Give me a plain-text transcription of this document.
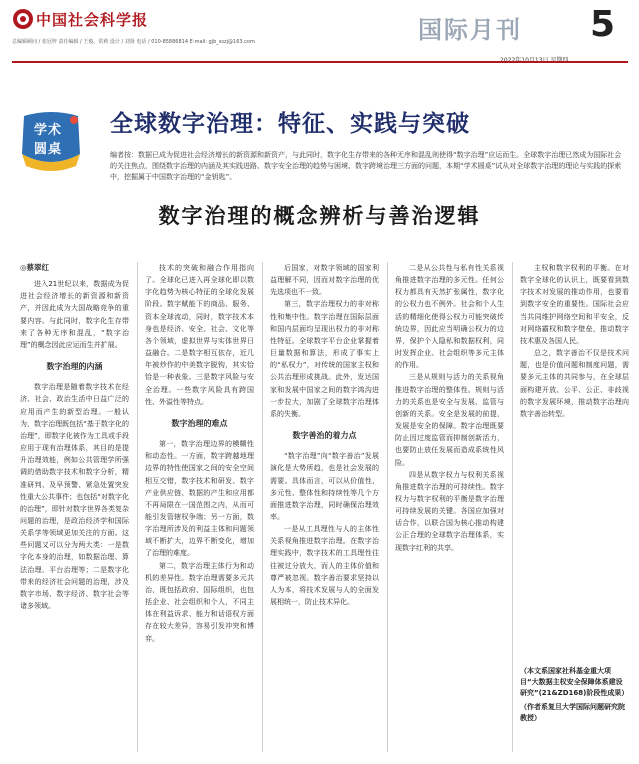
中国社会科学报
总编辑顾问 / 张冠梓 责任编辑 / 王俊、常莉 设计 / 刘贤 电话 / 010-85886814 E-mail: gjb_sszj@163.com	国际月刊 5
学术
圆桌
全球数字治理：特征、实践与突破
编者按：数据已成为促进社会经济增长的新资源和新资产，与此同时，数字化生存带来的各种无序和混乱则使得“数字治理”应运而生。全球数字治理已然成为国际社会的关注焦点，围绕数字治理的内涵及其实践进路、数字安全治理的趋势与困境、数字跨境治理三方面的问题，本期“学术圆桌”试从对全球数字治理的理论与实践的探索中，挖掘属于中国数字治理的“金钥匙”。
数字治理的概念辨析与善治逻辑
◎蔡翠红

进入21世纪以来，数据成为促进社会经济增长的新资源和新资产，并因此成为大国战略竞争的重要内容。与此同时，数字化生存带来了各种无序和混乱，“数字治理”的概念因此应运而生并扩展。

数字治理的内涵

数字治理是随着数字技术在经济、社会、政治生活中日益广泛的应用而产生的新型治理。一般认为，数字治理既包括“基于数字化的治理”，即数字化被作为工具或手段应用于现有治理体系，其目的是提升治理效能，例如公共管理学所强调的借助数字技术和数字分析，精准研判、及早预警、紧急处置突发性重大公共事件；也包括“对数字化的治理”，即针对数字世界各类复杂问题的治理，是政治经济学和国际关系学等领域更加关注的方面。这些问题又可以分为两大类：一是数字化本身的治理，如数据治理、算法治理、平台治理等；二是数字化带来的经济社会问题的治理，涉及数字市场、数字经济、数字社会等诸多领域。

技术的突破和融合作用指向了。全球化已进入再全球化即以数字化趋势为核心特征的全球化发展阶段。数字赋能下的商品、服务、资本全球流动，同时，数字技术本身也是经济、安全、社会、文化等各个领域，虚拟世界与实体世界日益融合。二是数字相互依存，近几年被炒作的中美数字脱钩，其实恰恰是一种表象。三是数字风险与安全治理。一些数字风险具有跨国性、外溢性等特点。

数字治理的难点

第一，数字治理边界的模糊性和动态性。一方面，数字跨越地理边界的特性使国家之间的安全空间相互交错，数字技术和研发、数字产业供应链、数据的产生和应用都不再局限在一国范围之内，从而可能引发管辖权争端；另一方面，数字治理所涉及的利益主体和问题领域不断扩大，边界不断变化，增加了治理的难度。

第二，数字治理主体行为和动机的差异性。数字治理需要多元共治，既包括政府、国际组织，也包括企业、社会组织和个人，不同主体在利益诉求、能力和话语权方面存在较大差异，容易引发冲突和博弈。

后国家，对数字领域的国家利益理解不同，因而对数字治理的优先选项也不一致。

第三，数字治理权力的非对称性和集中性。数字治理在国际层面和国内层面均呈现出权力的非对称性特征。全球数字平台企业掌握着巨量数据和算法，形成了事实上的“私权力”，对传统的国家主权和公共治理形成挑战。此外，发达国家和发展中国家之间的数字鸿沟进一步拉大，加剧了全球数字治理体系的失衡。

数字善治的着力点

“数字治理”向“数字善治”发展演化是大势所趋，也是社会发展的需要。具体而言，可以从价值性、多元性、整体性和持续性等几个方面推进数字治理，同时确保治理效率。

一是从工具理性与人的主体性关系视角推进数字治理。在数字治理实践中，数字技术的工具理性往往被过分放大，而人的主体价值和尊严被忽视。数字善治要求坚持以人为本，将技术发展与人的全面发展相统一，防止技术异化。

二是从公共性与私有性关系视角推进数字治理的多元性。任何公权力都具有天然扩张属性，数字化的公权力也不例外。社会和个人生活的精细化使得公权力可能突破传统边界，因此应当明确公权力的边界，保护个人隐私和数据权利，同时发挥企业、社会组织等多元主体的作用。

三是从规则与活力的关系视角推进数字治理的整体性。规则与活力的关系也是安全与发展、监管与创新的关系。安全是发展的前提，发展是安全的保障。数字治理既要防止因过度监管而抑制创新活力，也要防止放任发展而造成系统性风险。

四是从数字权力与权利关系视角推进数字治理的可持续性。数字权力与数字权利的平衡是数字治理可持续发展的关键。各国应加强对话合作，以联合国为核心推动构建公正合理的全球数字治理体系，实现数字红利的共享。

主权和数字权利的平衡。在对数字全球化的认识上，既要看到数字技术对发展的推动作用，也要看到数字安全的重要性。国际社会应当共同维护网络空间和平安全，反对网络霸权和数字壁垒，推动数字技术惠及各国人民。

总之，数字善治不仅是技术问题，也是价值问题和制度问题，需要多元主体的共同参与，在全球层面构建开放、公平、公正、非歧视的数字发展环境，推动数字治理向数字善治转型。

（本文系国家社科基金重大项目“大数据主权安全保障体系建设研究”(21&ZD168)阶段性成果）

（作者系复旦大学国际问题研究院教授）
